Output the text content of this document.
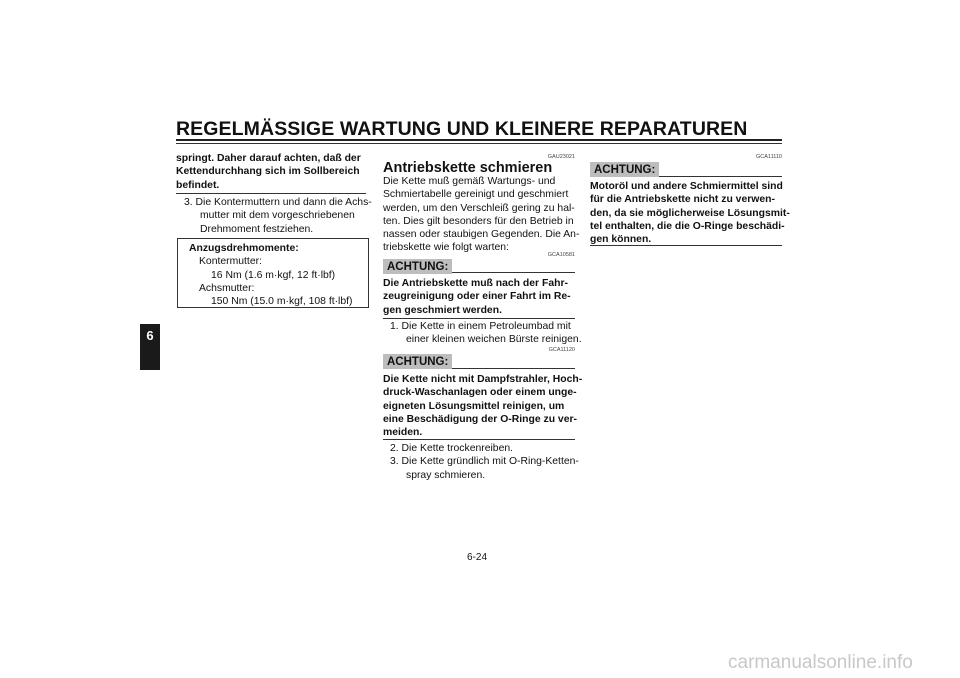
REGELMÄSSIGE WARTUNG UND KLEINERE REPARATUREN
6
springt. Daher darauf achten, daß der
Kettendurchhang sich im Sollbereich
befindet.
3. Die Kontermuttern und dann die Achs-
mutter mit dem vorgeschriebenen
Drehmoment festziehen.
Anzugsdrehmomente:
Kontermutter:
16 Nm (1.6 m·kgf, 12 ft·lbf)
Achsmutter:
150 Nm (15.0 m·kgf, 108 ft·lbf)
GAU23021
Antriebskette schmieren
Die Kette muß gemäß Wartungs- und
Schmiertabelle gereinigt und geschmiert
werden, um den Verschleiß gering zu hal-
ten. Dies gilt besonders für den Betrieb in
nassen oder staubigen Gegenden. Die An-
triebskette wie folgt warten:
GCA10581
ACHTUNG:
Die Antriebskette muß nach der Fahr-
zeugreinigung oder einer Fahrt im Re-
gen geschmiert werden.
1. Die Kette in einem Petroleumbad mit
einer kleinen weichen Bürste reinigen.
GCA11120
ACHTUNG:
Die Kette nicht mit Dampfstrahler, Hoch-
druck-Waschanlagen oder einem unge-
eigneten Lösungsmittel reinigen, um
eine Beschädigung der O-Ringe zu ver-
meiden.
2. Die Kette trockenreiben.
3. Die Kette gründlich mit O-Ring-Ketten-
spray schmieren.
GCA11110
ACHTUNG:
Motoröl und andere Schmiermittel sind
für die Antriebskette nicht zu verwen-
den, da sie möglicherweise Lösungsmit-
tel enthalten, die die O-Ringe beschädi-
gen können.
6-24
carmanualsonline.info
